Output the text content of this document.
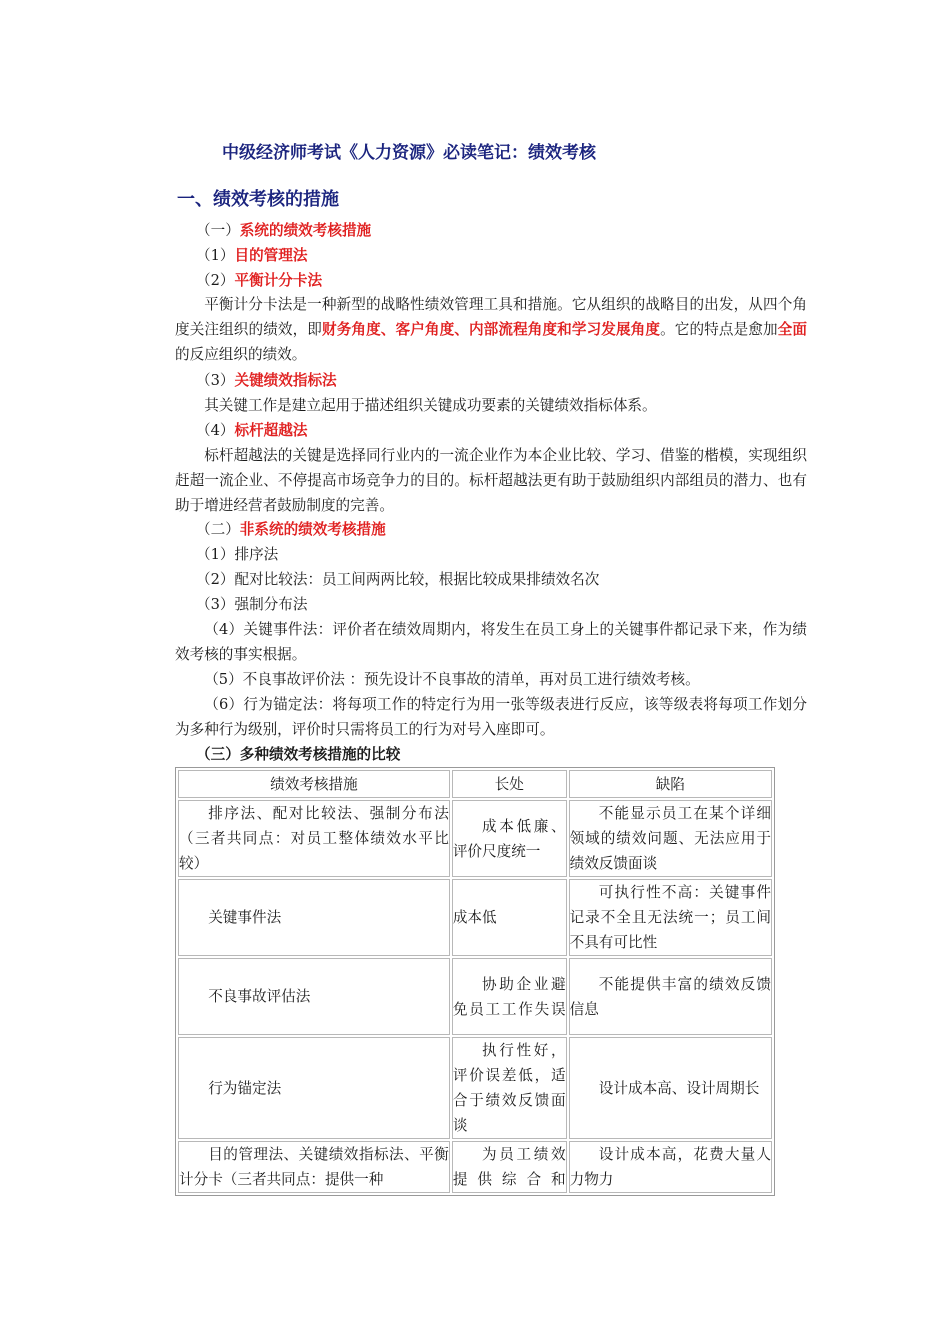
中级经济师考试《人力资源》必读笔记：绩效考核
一、绩效考核的措施
（一）系统的绩效考核措施
（1）目的管理法
（2）平衡计分卡法
平衡计分卡法是一种新型的战略性绩效管理工具和措施。它从组织的战略目的出发，从四个角度关注组织的绩效，即财务角度、客户角度、内部流程角度和学习发展角度。它的特点是愈加全面的反应组织的绩效。
（3）关键绩效指标法
其关键工作是建立起用于描述组织关键成功要素的关键绩效指标体系。
（4）标杆超越法
标杆超越法的关键是选择同行业内的一流企业作为本企业比较、学习、借鉴的楷模，实现组织赶超一流企业、不停提高市场竞争力的目的。标杆超越法更有助于鼓励组织内部组员的潜力、也有助于增进经营者鼓励制度的完善。
（二）非系统的绩效考核措施
（1）排序法
（2）配对比较法：员工间两两比较，根据比较成果排绩效名次
（3）强制分布法
（4）关键事件法：评价者在绩效周期内，将发生在员工身上的关键事件都记录下来，作为绩效考核的事实根据。
（5）不良事故评价法 ：预先设计不良事故的清单，再对员工进行绩效考核。
（6）行为锚定法：将每项工作的特定行为用一张等级表进行反应，该等级表将每项工作划分为多种行为级别，评价时只需将员工的行为对号入座即可。
（三）多种绩效考核措施的比较
绩效考核措施	长处	缺陷
排序法、配对比较法、强制分布法（三者共同点：对员工整体绩效水平比较）	成本低廉、评价尺度统一	不能显示员工在某个详细领域的绩效问题、无法应用于绩效反馈面谈
关键事件法	成本低	可执行性不高：关键事件记录不全且无法统一；员工间不具有可比性
不良事故评估法	协助企业避免员工工作失误	不能提供丰富的绩效反馈信息
行为锚定法	执行性好，评价误差低，适合于绩效反馈面谈	设计成本高、设计周期长

目的管理法、关键绩效指标法、平衡计分卡（三者共同点：提供一种	为员工绩效提供综合和	设计成本高，花费大量人力物力
